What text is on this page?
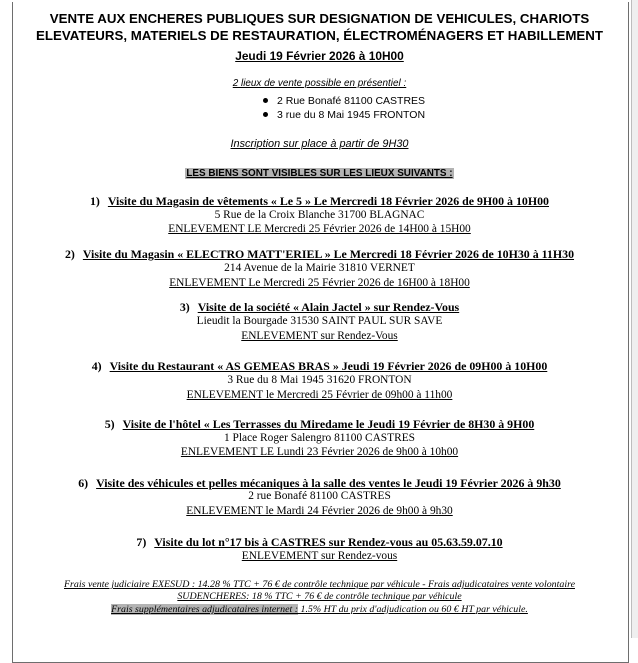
VENTE AUX ENCHERES PUBLIQUES SUR DESIGNATION DE VEHICULES, CHARIOTS
ELEVATEURS, MATERIELS DE RESTAURATION, ÉLECTROMÉNAGERS ET HABILLEMENT
Jeudi 19 Février 2026 à 10H00
2 lieux de vente possible en présentiel :
2 Rue Bonafé 81100 CASTRES
3 rue du 8 Mai 1945 FRONTON
Inscription sur place à partir de 9H30
LES BIENS SONT VISIBLES SUR LES LIEUX SUIVANTS :
1) Visite du Magasin de vêtements « Le 5 » Le Mercredi 18 Février 2026 de 9H00 à 10H00
5 Rue de la Croix Blanche 31700 BLAGNAC
ENLEVEMENT LE Mercredi 25 Février 2026 de 14H00 à 15H00
2) Visite du Magasin « ELECTRO MATT'ERIEL » Le Mercredi 18 Février 2026 de 10H30 à 11H30
214 Avenue de la Mairie 31810 VERNET
ENLEVEMENT Le Mercredi 25 Février 2026 de 16H00 à 18H00
3) Visite de la société « Alain Jactel » sur Rendez-Vous
Lieudit la Bourgade 31530 SAINT PAUL SUR SAVE
ENLEVEMENT sur Rendez-Vous
4) Visite du Restaurant « AS GEMEAS BRAS » Jeudi 19 Février 2026 de 09H00 à 10H00
3 Rue du 8 Mai 1945 31620 FRONTON
ENLEVEMENT le Mercredi 25 Février de 09h00 à 11h00
5) Visite de l'hôtel « Les Terrasses du Miredame le Jeudi 19 Février de 8H30 à 9H00
1 Place Roger Salengro 81100 CASTRES
ENLEVEMENT LE Lundi 23 Février 2026 de 9h00 à 10h00
6) Visite des véhicules et pelles mécaniques à la salle des ventes le Jeudi 19 Février 2026 à 9h30
2 rue Bonafé 81100 CASTRES
ENLEVEMENT le Mardi 24 Février 2026 de 9h00 à 9h30
7) Visite du lot n°17 bis à CASTRES sur Rendez-vous au 05.63.59.07.10
ENLEVEMENT sur Rendez-vous
Frais vente judiciaire EXESUD : 14.28 % TTC + 76 € de contrôle technique par véhicule - Frais adjudicataires vente volontaire
SUDENCHERES: 18 % TTC + 76 € de contrôle technique par véhicule
Frais supplémentaires adjudicataires internet : 1.5% HT du prix d'adjudication ou 60 € HT par véhicule.
